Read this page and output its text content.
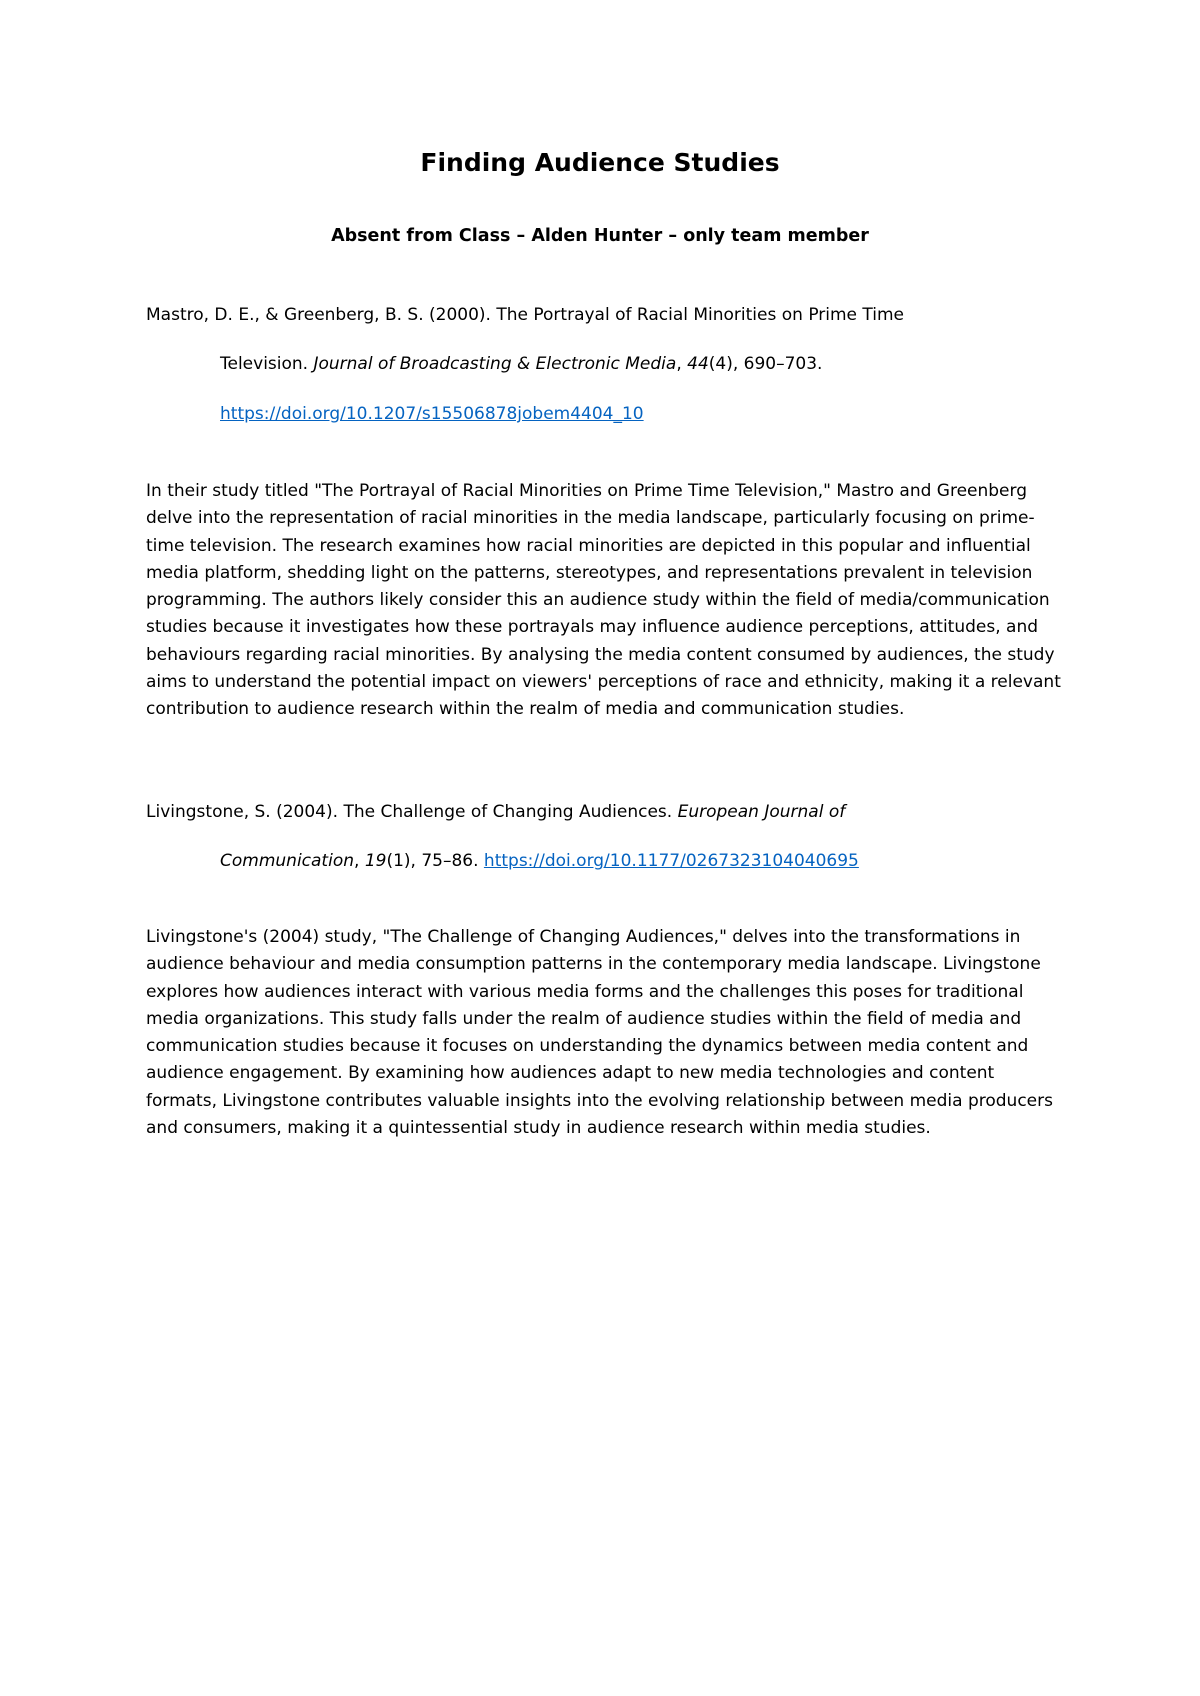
Finding Audience Studies
Absent from Class – Alden Hunter – only team member

Mastro, D. E., & Greenberg, B. S. (2000). The Portrayal of Racial Minorities on Prime Time

Television. Journal of Broadcasting & Electronic Media, 44(4), 690–703.

https://doi.org/10.1207/s15506878jobem4404_10

In their study titled "The Portrayal of Racial Minorities on Prime Time Television," Mastro and Greenberg delve into the representation of racial minorities in the media landscape, particularly focusing on prime-time television. The research examines how racial minorities are depicted in this popular and influential media platform, shedding light on the patterns, stereotypes, and representations prevalent in television programming. The authors likely consider this an audience study within the field of media/communication studies because it investigates how these portrayals may influence audience perceptions, attitudes, and behaviours regarding racial minorities. By analysing the media content consumed by audiences, the study aims to understand the potential impact on viewers' perceptions of race and ethnicity, making it a relevant contribution to audience research within the realm of media and communication studies.

Livingstone, S. (2004). The Challenge of Changing Audiences. European Journal of

Communication, 19(1), 75–86. https://doi.org/10.1177/0267323104040695

Livingstone's (2004) study, "The Challenge of Changing Audiences," delves into the transformations in audience behaviour and media consumption patterns in the contemporary media landscape. Livingstone explores how audiences interact with various media forms and the challenges this poses for traditional media organizations. This study falls under the realm of audience studies within the field of media and communication studies because it focuses on understanding the dynamics between media content and audience engagement. By examining how audiences adapt to new media technologies and content formats, Livingstone contributes valuable insights into the evolving relationship between media producers and consumers, making it a quintessential study in audience research within media studies.
